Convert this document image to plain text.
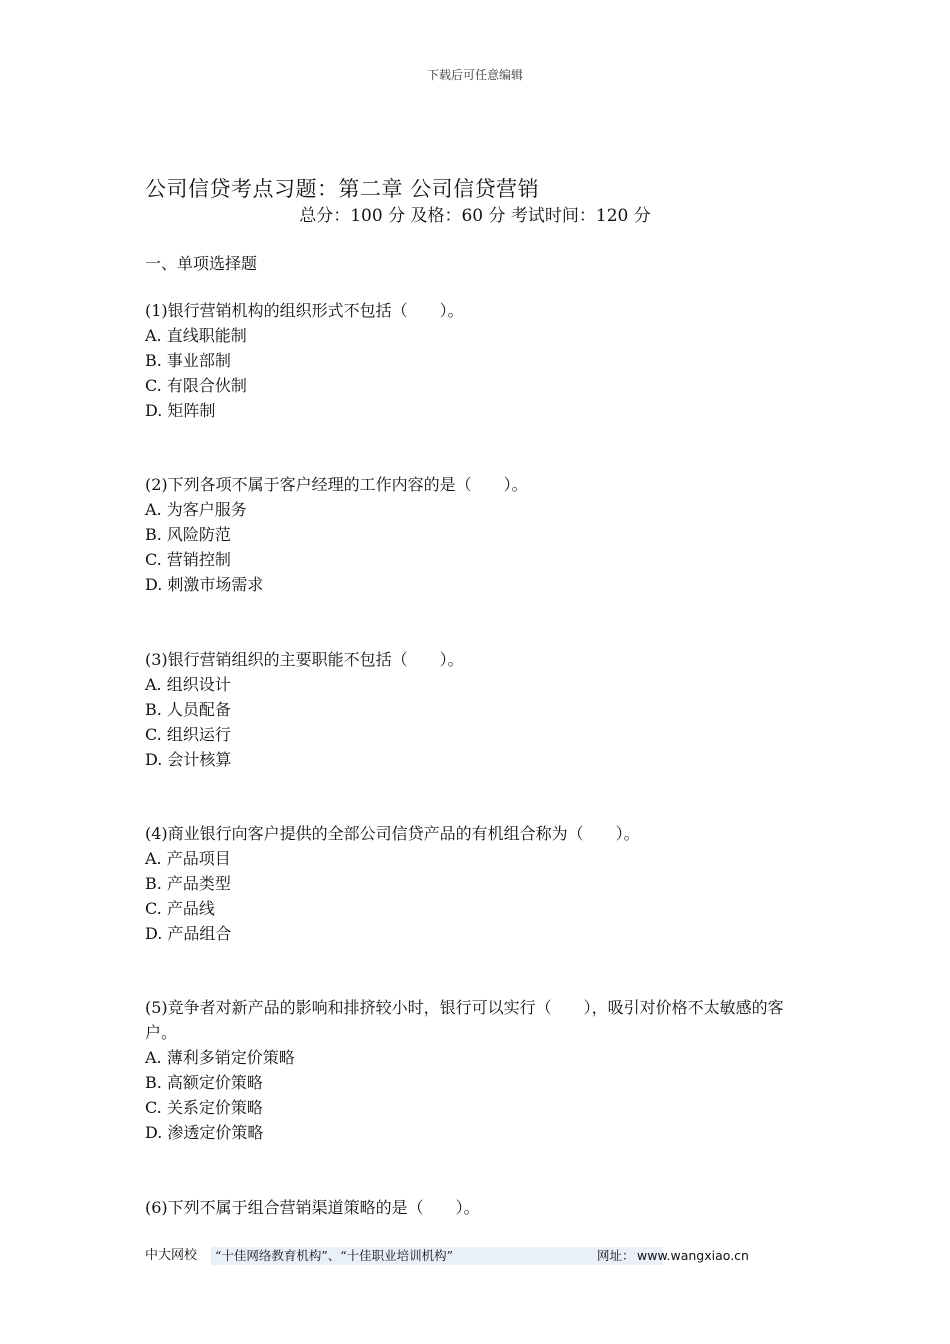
下载后可任意编辑
公司信贷考点习题：第二章 公司信贷营销
总分：100 分 及格：60 分 考试时间：120 分
一、单项选择题
(1)银行营销机构的组织形式不包括（　　）。
A. 直线职能制
B. 事业部制
C. 有限合伙制
D. 矩阵制
(2)下列各项不属于客户经理的工作内容的是（　　）。
A. 为客户服务
B. 风险防范
C. 营销控制
D. 刺激市场需求
(3)银行营销组织的主要职能不包括（　　）。
A. 组织设计
B. 人员配备
C. 组织运行
D. 会计核算
(4)商业银行向客户提供的全部公司信贷产品的有机组合称为（　　）。
A. 产品项目
B. 产品类型
C. 产品线
D. 产品组合
(5)竞争者对新产品的影响和排挤较小时，银行可以实行（　　），吸引对价格不太敏感的客户。
A. 薄利多销定价策略
B. 高额定价策略
C. 关系定价策略
D. 渗透定价策略
(6)下列不属于组合营销渠道策略的是（　　）。
中大网校	“十佳网络教育机构”、“十佳职业培训机构”	网址： www.wangxiao.cn
